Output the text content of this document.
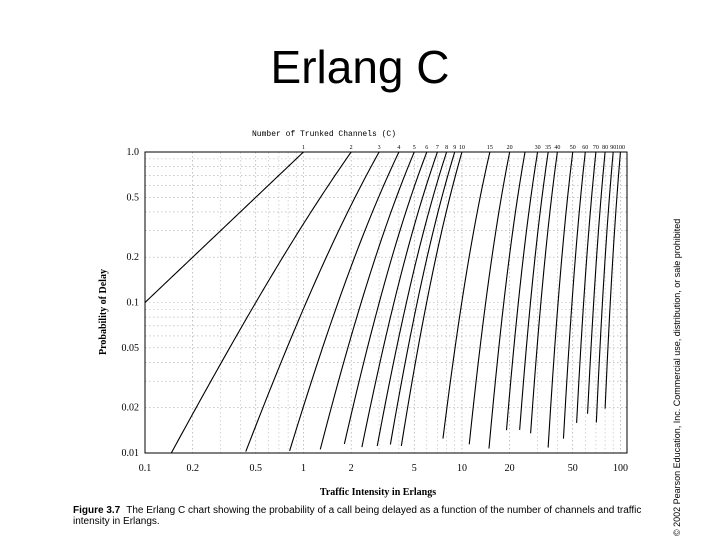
Erlang C
0.1	0.2	0.5	1	2	5	10	20	50	100
1.0
0.5
0.2
0.1
0.05
0.02
0.01
1	2	3	4 5 6 7 8 9 10	15 20	30 35 40 50 60 70 80 90 100
Number of Trunked Channels (C)
Traffic Intensity in Erlangs
Probability of Delay
Figure 3.7 The Erlang C chart showing the probability of a call being delayed as a function of the number of channels and traffic intensity in Erlangs.	© 2002 Pearson Education, Inc. Commercial use, distribution, or sale prohibited
